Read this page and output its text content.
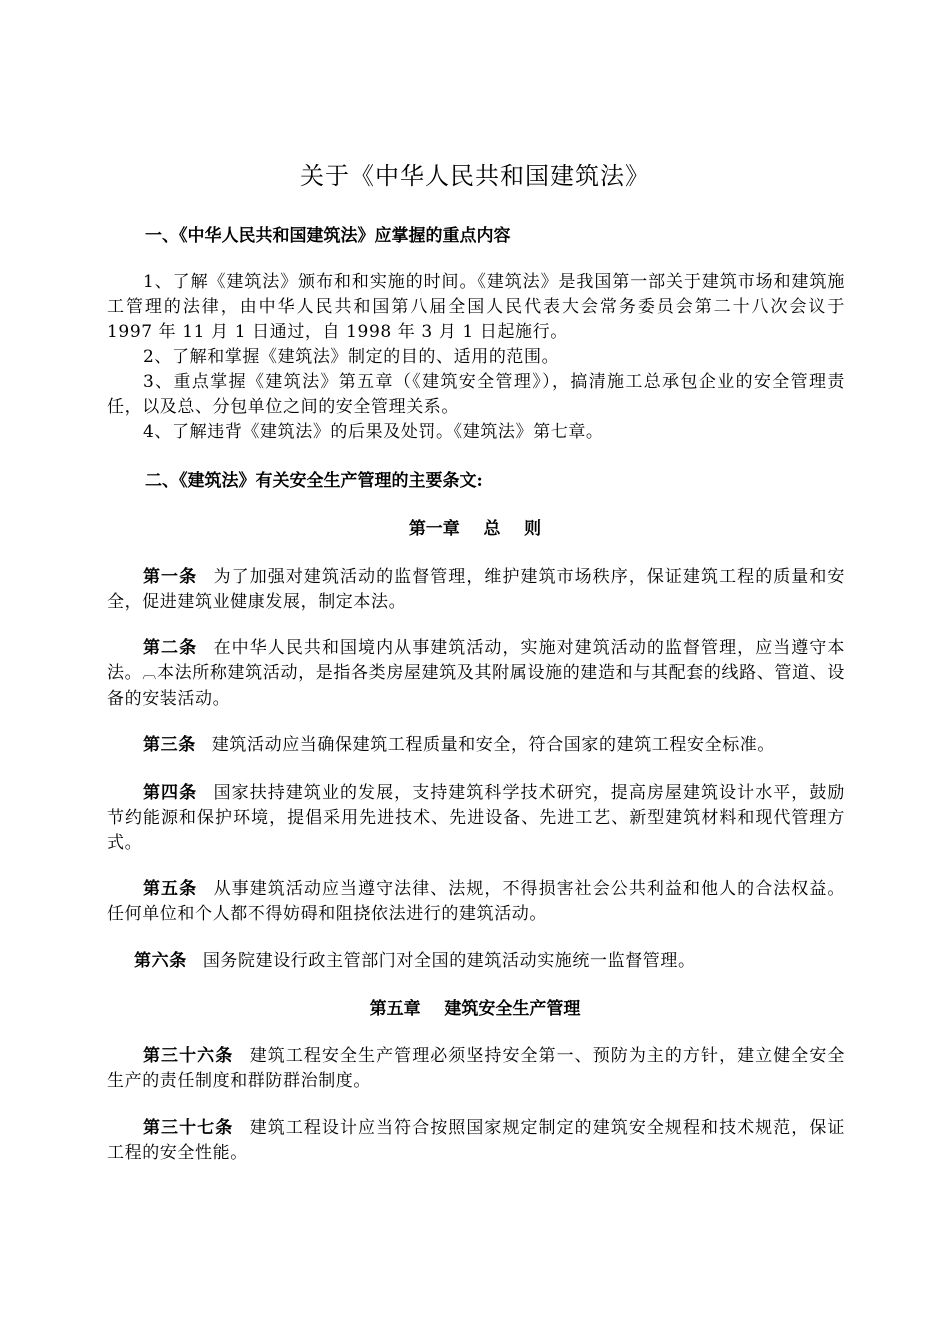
关于《中华人民共和国建筑法》
一、《中华人民共和国建筑法》应掌握的重点内容
1、了解《建筑法》颁布和和实施的时间。《建筑法》是我国第一部关于建筑市场和建筑施工管理的法律，由中华人民共和国第八届全国人民代表大会常务委员会第二十八次会议于 1997 年 11 月 1 日通过，自 1998 年 3 月 1 日起施行。
2、了解和掌握《建筑法》制定的目的、适用的范围。
3、重点掌握《建筑法》第五章（《建筑安全管理》），搞清施工总承包企业的安全管理责任，以及总、分包单位之间的安全管理关系。
4、了解违背《建筑法》的后果及处罚。《建筑法》第七章。
二、《建筑法》有关安全生产管理的主要条文:
第一章    总    则
第一条 为了加强对建筑活动的监督管理，维护建筑市场秩序，保证建筑工程的质量和安全，促进建筑业健康发展，制定本法。
第二条 在中华人民共和国境内从事建筑活动，实施对建筑活动的监督管理，应当遵守本法。︹本法所称建筑活动，是指各类房屋建筑及其附属设施的建造和与其配套的线路、管道、设备的安装活动。
第三条 建筑活动应当确保建筑工程质量和安全，符合国家的建筑工程安全标准。
第四条 国家扶持建筑业的发展，支持建筑科学技术研究，提高房屋建筑设计水平，鼓励节约能源和保护环境，提倡采用先进技术、先进设备、先进工艺、新型建筑材料和现代管理方式。
第五条 从事建筑活动应当遵守法律、法规，不得损害社会公共利益和他人的合法权益。任何单位和个人都不得妨碍和阻挠依法进行的建筑活动。
第六条 国务院建设行政主管部门对全国的建筑活动实施统一监督管理。
第五章    建筑安全生产管理
第三十六条 建筑工程安全生产管理必须坚持安全第一、预防为主的方针，建立健全安全生产的责任制度和群防群治制度。
第三十七条 建筑工程设计应当符合按照国家规定制定的建筑安全规程和技术规范，保证工程的安全性能。
